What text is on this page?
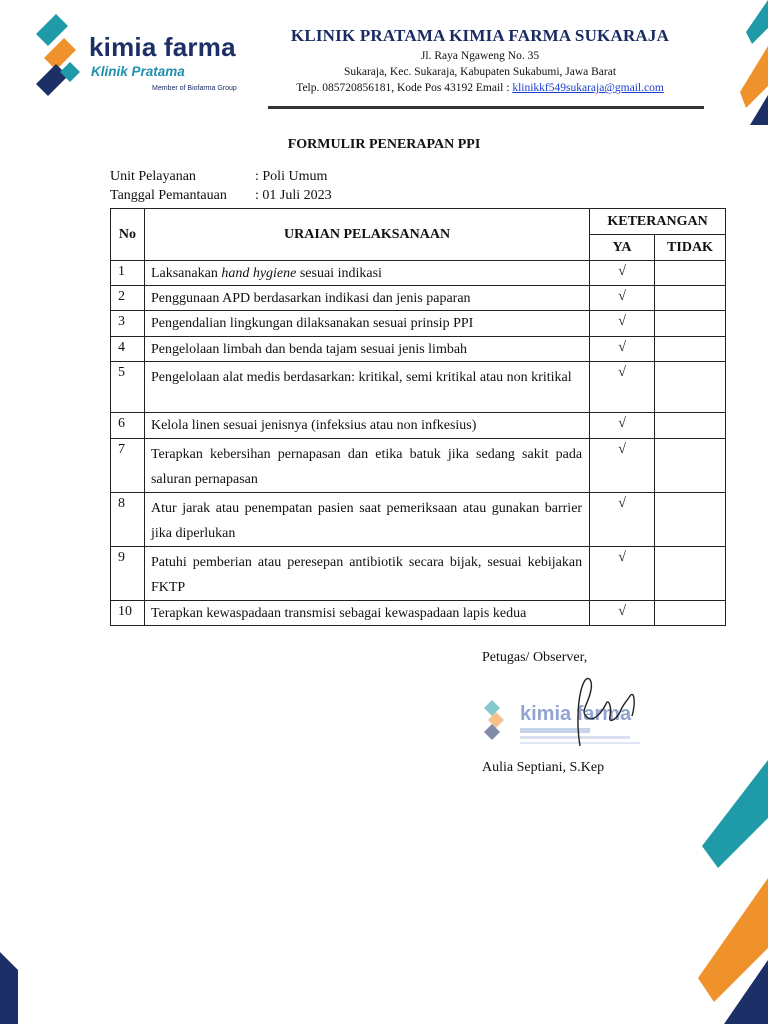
kimia farma
Klinik Pratama
Member of Biofarma Group
KLINIK PRATAMA KIMIA FARMA SUKARAJA
Jl. Raya Ngaweng No. 35
Sukaraja, Kec. Sukaraja, Kabupaten Sukabumi, Jawa Barat
Telp. 085720856181, Kode Pos 43192 Email : klinikkf549sukaraja@gmail.com
FORMULIR PENERAPAN PPI
Unit Pelayanan	: Poli Umum
Tanggal Pemantauan : 01 Juli 2023
No	URAIAN PELAKSANAAN	KETERANGAN	
		YA	TIDAK
1	Laksanakan hand hygiene sesuai indikasi	√	
2	Penggunaan APD berdasarkan indikasi dan jenis paparan	√	
3	Pengendalian lingkungan dilaksanakan sesuai prinsip PPI	√	
4	Pengelolaan limbah dan benda tajam sesuai jenis limbah	√	
5	Pengelolaan alat medis berdasarkan: kritikal, semi kritikal atau non kritikal	√	
6	Kelola linen sesuai jenisnya (infeksius atau non infkesius)	√	
7	Terapkan kebersihan pernapasan dan etika batuk jika sedang sakit pada saluran pernapasan	√	
8	Atur jarak atau penempatan pasien saat pemeriksaan atau gunakan barrier jika diperlukan	√	
9	Patuhi pemberian atau peresepan antibiotik secara bijak, sesuai kebijakan FKTP	√	
10	Terapkan kewaspadaan transmisi sebagai kewaspadaan lapis kedua	√	
Petugas/ Observer,
kimia farma
Aulia Septiani, S.Kep
